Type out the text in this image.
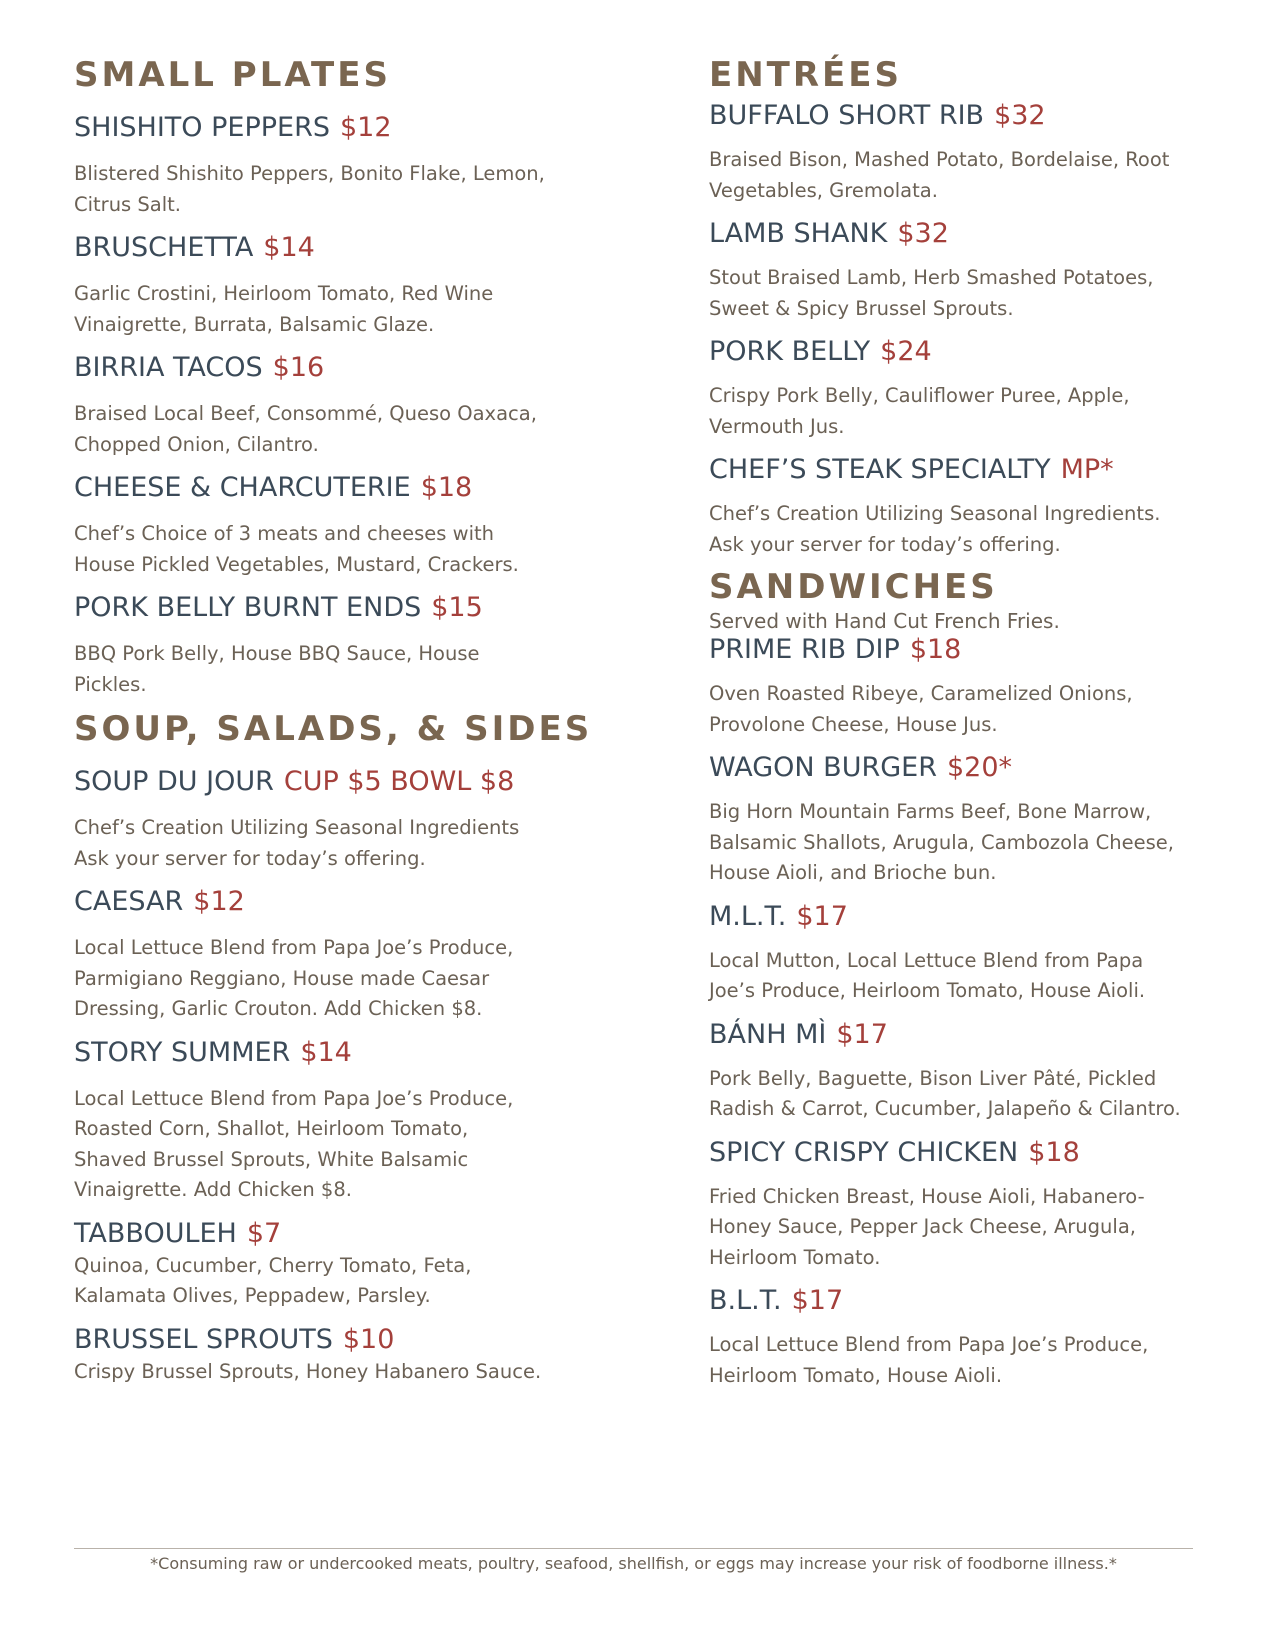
SMALL PLATES
SHISHITO PEPPERS $12

Blistered Shishito Peppers, Bonito Flake, Lemon,
Citrus Salt.

BRUSCHETTA $14

Garlic Crostini, Heirloom Tomato, Red Wine
Vinaigrette, Burrata, Balsamic Glaze.

BIRRIA TACOS $16

Braised Local Beef, Consommé, Queso Oaxaca,
Chopped Onion, Cilantro.

CHEESE & CHARCUTERIE $18

Chef’s Choice of 3 meats and cheeses with
House Pickled Vegetables, Mustard, Crackers.

PORK BELLY BURNT ENDS $15

BBQ Pork Belly, House BBQ Sauce, House
Pickles.

SOUP, SALADS, & SIDES
SOUP DU JOUR CUP $5 BOWL $8

Chef’s Creation Utilizing Seasonal Ingredients
Ask your server for today’s offering.

CAESAR $12

Local Lettuce Blend from Papa Joe’s Produce,
Parmigiano Reggiano, House made Caesar
Dressing, Garlic Crouton. Add Chicken $8.

STORY SUMMER $14

Local Lettuce Blend from Papa Joe’s Produce,
Roasted Corn, Shallot, Heirloom Tomato,
Shaved Brussel Sprouts, White Balsamic
Vinaigrette. Add Chicken $8.

TABBOULEH $7

Quinoa, Cucumber, Cherry Tomato, Feta,
Kalamata Olives, Peppadew, Parsley.

BRUSSEL SPROUTS $10

Crispy Brussel Sprouts, Honey Habanero Sauce.

ENTRÉES
BUFFALO SHORT RIB $32

Braised Bison, Mashed Potato, Bordelaise, Root
Vegetables, Gremolata.

LAMB SHANK $32

Stout Braised Lamb, Herb Smashed Potatoes,
Sweet & Spicy Brussel Sprouts.

PORK BELLY $24

Crispy Pork Belly, Cauliflower Puree, Apple,
Vermouth Jus.

CHEF’S STEAK SPECIALTY MP*

Chef’s Creation Utilizing Seasonal Ingredients.
Ask your server for today’s offering.

SANDWICHES

Served with Hand Cut French Fries.

PRIME RIB DIP $18

Oven Roasted Ribeye, Caramelized Onions,
Provolone Cheese, House Jus.

WAGON BURGER $20*

Big Horn Mountain Farms Beef, Bone Marrow,
Balsamic Shallots, Arugula, Cambozola Cheese,
House Aioli, and Brioche bun.

M.L.T. $17

Local Mutton, Local Lettuce Blend from Papa
Joe’s Produce, Heirloom Tomato, House Aioli.

BÁNH MÌ $17

Pork Belly, Baguette, Bison Liver Pâté, Pickled
Radish & Carrot, Cucumber, Jalapeño & Cilantro.

SPICY CRISPY CHICKEN $18

Fried Chicken Breast, House Aioli, Habanero-
Honey Sauce, Pepper Jack Cheese, Arugula,
Heirloom Tomato.

B.L.T. $17

Local Lettuce Blend from Papa Joe’s Produce,
Heirloom Tomato, House Aioli.

*Consuming raw or undercooked meats, poultry, seafood, shellfish, or eggs may increase your risk of foodborne illness.*
